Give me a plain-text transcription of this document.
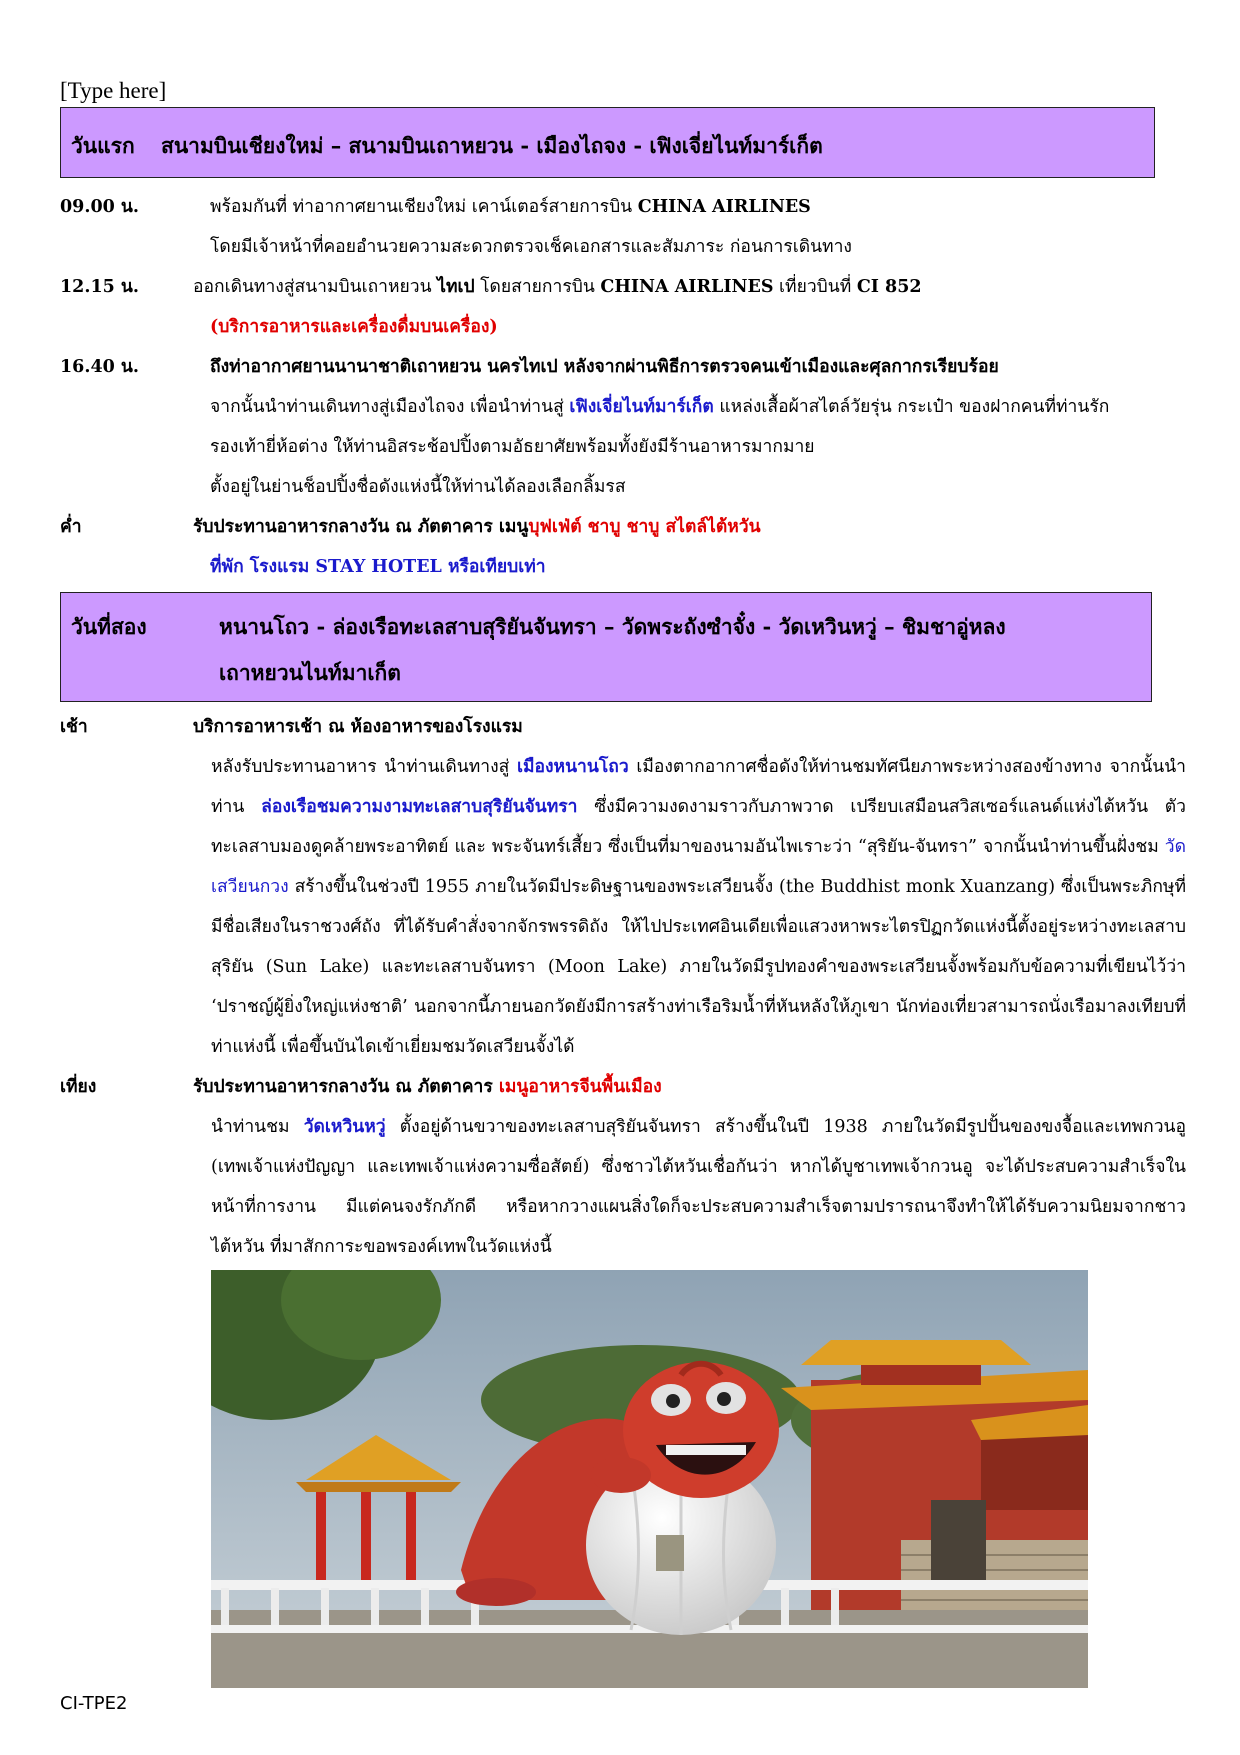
[Type here]
วันแรก สนามบินเชียงใหม่ – สนามบินเถาหยวน - เมืองไถจง - เฟิงเจี่ยไนท์มาร์เก็ต
09.00 น.	พร้อมกันที่ ท่าอากาศยานเชียงใหม่ เคาน์เตอร์สายการบิน CHINA AIRLINES
โดยมีเจ้าหน้าที่คอยอำนวยความสะดวกตรวจเช็คเอกสารและสัมภาระ ก่อนการเดินทาง
12.15 น.	ออกเดินทางสู่สนามบินเถาหยวน ไทเป โดยสายการบิน CHINA AIRLINES เที่ยวบินที่ CI 852
(บริการอาหารและเครื่องดื่มบนเครื่อง)
16.40 น.	ถึงท่าอากาศยานนานาชาติเถาหยวน นครไทเป หลังจากผ่านพิธีการตรวจคนเข้าเมืองและศุลกากรเรียบร้อย
จากนั้นนำท่านเดินทางสู่เมืองไถจง เพื่อนำท่านสู่ เฟิงเจี่ยไนท์มาร์เก็ต แหล่งเสื้อผ้าสไตล์วัยรุ่น กระเป๋า ของฝากคนที่ท่านรัก
รองเท้ายี่ห้อต่าง ให้ท่านอิสระช้อปปิ้งตามอัธยาศัยพร้อมทั้งยังมีร้านอาหารมากมาย
ตั้งอยู่ในย่านช็อปปิ้งชื่อดังแห่งนี้ให้ท่านได้ลองเลือกลิ้มรส
ค่ำ	รับประทานอาหารกลางวัน ณ ภัตตาคาร เมนูบุฟเฟ่ต์ ชาบู ชาบู สไตล์ไต้หวัน
ที่พัก โรงแรม STAY HOTEL หรือเทียบเท่า
วันที่สอง	หนานโถว - ล่องเรือทะเลสาบสุริยันจันทรา – วัดพระถังซำจั๋ง - วัดเหวินหวู่ – ชิมชาอู่หลง
เถาหยวนไนท์มาเก็ต
เช้า	บริการอาหารเช้า ณ ห้องอาหารของโรงแรม
หลังรับประทานอาหาร นำท่านเดินทางสู่ เมืองหนานโถว เมืองตากอากาศชื่อดังให้ท่านชมทัศนียภาพระหว่างสองข้างทาง จากนั้นนำท่าน ล่องเรือชมความงามทะเลสาบสุริยันจันทรา ซึ่งมีความงดงามราวกับภาพวาด เปรียบเสมือนสวิสเซอร์แลนด์แห่งไต้หวัน ตัวทะเลสาบมองดูคล้ายพระอาทิตย์ และ พระจันทร์เสี้ยว ซึ่งเป็นที่มาของนามอันไพเราะว่า “สุริยัน-จันทรา” จากนั้นนำท่านขึ้นฝั่งชม วัดเสวียนกวง สร้างขึ้นในช่วงปี 1955 ภายในวัดมีประดิษฐานของพระเสวียนจั้ง (the Buddhist monk Xuanzang) ซึ่งเป็นพระภิกษุที่มีชื่อเสียงในราชวงศ์ถัง ที่ได้รับคำสั่งจากจักรพรรดิถัง ให้ไปประเทศอินเดียเพื่อแสวงหาพระไตรปิฏกวัดแห่งนี้ตั้งอยู่ระหว่างทะเลสาบสุริยัน (Sun Lake) และทะเลสาบจันทรา (Moon Lake) ภายในวัดมีรูปทองคำของพระเสวียนจั้งพร้อมกับข้อความที่เขียนไว้ว่า ‘ปราชญ์ผู้ยิ่งใหญ่แห่งชาติ’ นอกจากนี้ภายนอกวัดยังมีการสร้างท่าเรือริมน้ำที่หันหลังให้ภูเขา นักท่องเที่ยวสามารถนั่งเรือมาลงเทียบที่ท่าแห่งนี้ เพื่อขึ้นบันไดเข้าเยี่ยมชมวัดเสวียนจั้งได้
เที่ยง	รับประทานอาหารกลางวัน ณ ภัตตาคาร เมนูอาหารจีนพื้นเมือง
นำท่านชม วัดเหวินหวู่ ตั้งอยู่ด้านขวาของทะเลสาบสุริยันจันทรา สร้างขึ้นในปี 1938 ภายในวัดมีรูปปั้นของขงจื้อและเทพกวนอู (เทพเจ้าแห่งปัญญา และเทพเจ้าแห่งความซื่อสัตย์) ซึ่งชาวไต้หวันเชื่อกันว่า หากได้บูชาเทพเจ้ากวนอู จะได้ประสบความสำเร็จในหน้าที่การงาน มีแต่คนจงรักภักดี หรือหากวางแผนสิ่งใดก็จะประสบความสำเร็จตามปรารถนาจึงทำให้ได้รับความนิยมจากชาวไต้หวัน ที่มาสักการะขอพรองค์เทพในวัดแห่งนี้
CI-TPE2
